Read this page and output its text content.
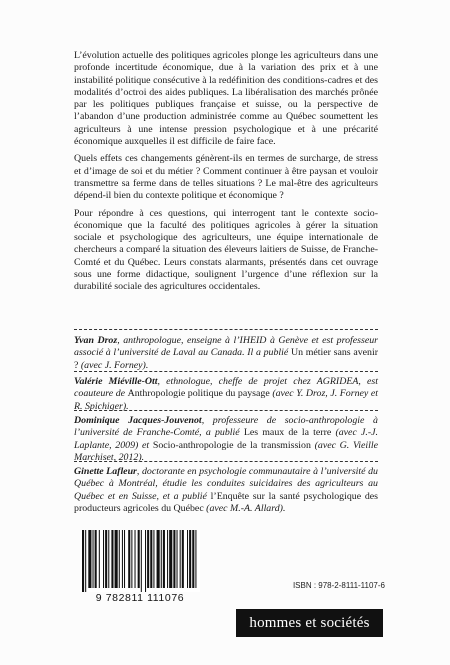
L’évolution actuelle des politiques agricoles plonge les agriculteurs dans une profonde incertitude économique, due à la variation des prix et à une instabilité politique consécutive à la redéfinition des conditions-cadres et des modalités d’octroi des aides publiques. La libéralisation des marchés prônée par les politiques publiques française et suisse, ou la perspective de l’abandon d’une production administrée comme au Québec soumettent les agriculteurs à une intense pression psychologique et à une précarité économique auxquelles il est difficile de faire face.

Quels effets ces changements génèrent-ils en termes de surcharge, de stress et d’image de soi et du métier ? Comment continuer à être paysan et vouloir transmettre sa ferme dans de telles situations ? Le mal-être des agriculteurs dépend-il bien du contexte politique et économique ?

Pour répondre à ces questions, qui interrogent tant le contexte socio-économique que la faculté des politiques agricoles à gérer la situation sociale et psychologique des agriculteurs, une équipe internationale de chercheurs a comparé la situation des éleveurs laitiers de Suisse, de Franche-Comté et du Québec. Leurs constats alarmants, présentés dans cet ouvrage sous une forme didactique, soulignent l’urgence d’une réflexion sur la durabilité sociale des agricultures occidentales.

Yvan Droz, anthropologue, enseigne à l’IHEID à Genève et est professeur associé à l’université de Laval au Canada. Il a publié Un métier sans avenir ? (avec J. Forney).
Valérie Miéville-Ott, ethnologue, cheffe de projet chez AGRIDEA, est coauteure de Anthropologie politique du paysage (avec Y. Droz, J. Forney et R. Spichiger).
Dominique Jacques-Jouvenot, professeure de socio-anthropologie à l’université de Franche-Comté, a publié Les maux de la terre (avec J.-J. Laplante, 2009) et Socio-anthropologie de la transmission (avec G. Vieille Marchiset, 2012).
Ginette Lafleur, doctorante en psychologie communautaire à l’université du Québec à Montréal, étudie les conduites suicidaires des agriculteurs au Québec et en Suisse, et a publié l’Enquête sur la santé psychologique des producteurs agricoles du Québec (avec M.-A. Allard).
9 782811 111076
ISBN : 978-2-8111-1107-6
hommes et sociétés
